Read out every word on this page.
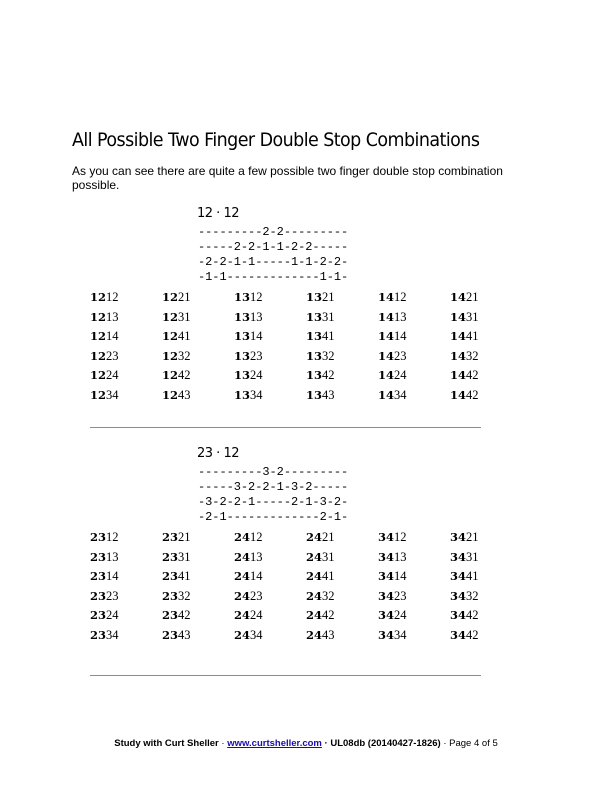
All Possible Two Finger Double Stop Combinations
As you can see there are quite a few possible two finger double stop combination possible.
12 · 12
---------2-2---------
-----2-2-1-1-2-2-----
-2-2-1-1-----1-1-2-2-
-1-1-------------1-1-
1212
1213
1214
1223
1224
1234
1221
1231
1241
1232
1242
1243
1312
1313
1314
1323
1324
1334
1321
1331
1341
1332
1342
1343
1412
1413
1414
1423
1424
1434
1421
1431
1441
1432
1442
1442
23 · 12
---------3-2---------
-----3-2-2-1-3-2-----
-3-2-2-1-----2-1-3-2-
-2-1-------------2-1-
2312
2313
2314
2323
2324
2334
2321
2331
2341
2332
2342
2343
2412
2413
2414
2423
2424
2434
2421
2431
2441
2432
2442
2443
3412
3413
3414
3423
3424
3434
3421
3431
3441
3432
3442
3442
Study with Curt Sheller · www.curtsheller.com · UL08db (20140427-1826) · Page 4 of 5
